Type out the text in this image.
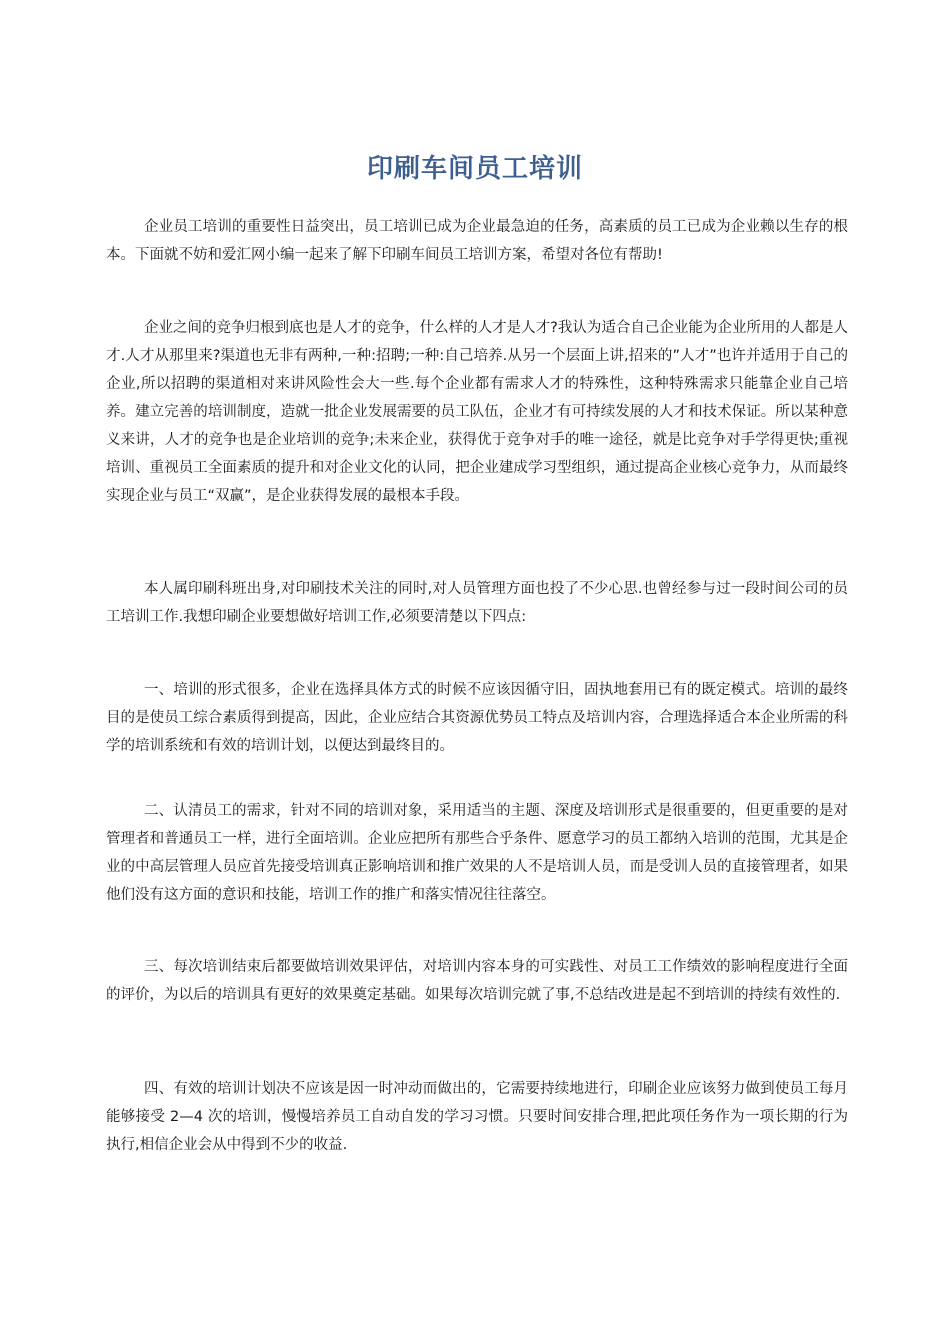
印刷车间员工培训

企业员工培训的重要性日益突出，员工培训已成为企业最急迫的任务，高素质的员工已成为企业赖以生存的根本。下面就不妨和爱汇网小编一起来了解下印刷车间员工培训方案，希望对各位有帮助!

企业之间的竞争归根到底也是人才的竞争，什么样的人才是人才?我认为适合自己企业能为企业所用的人都是人才.人才从那里来?渠道也无非有两种,一种:招聘;一种:自己培养.从另一个层面上讲,招来的”人才”也许并适用于自己的企业,所以招聘的渠道相对来讲风险性会大一些.每个企业都有需求人才的特殊性，这种特殊需求只能靠企业自己培养。建立完善的培训制度，造就一批企业发展需要的员工队伍，企业才有可持续发展的人才和技术保证。所以某种意义来讲，人才的竞争也是企业培训的竞争;未来企业，获得优于竞争对手的唯一途径，就是比竞争对手学得更快;重视培训、重视员工全面素质的提升和对企业文化的认同，把企业建成学习型组织，通过提高企业核心竞争力，从而最终实现企业与员工“双赢”，是企业获得发展的最根本手段。

本人属印刷科班出身,对印刷技术关注的同时,对人员管理方面也投了不少心思.也曾经参与过一段时间公司的员工培训工作.我想印刷企业要想做好培训工作,必须要清楚以下四点:

一、培训的形式很多，企业在选择具体方式的时候不应该因循守旧，固执地套用已有的既定模式。培训的最终目的是使员工综合素质得到提高，因此，企业应结合其资源优势员工特点及培训内容，合理选择适合本企业所需的科学的培训系统和有效的培训计划，以便达到最终目的。

二、认清员工的需求，针对不同的培训对象，采用适当的主题、深度及培训形式是很重要的，但更重要的是对管理者和普通员工一样，进行全面培训。企业应把所有那些合乎条件、愿意学习的员工都纳入培训的范围，尤其是企业的中高层管理人员应首先接受培训真正影响培训和推广效果的人不是培训人员，而是受训人员的直接管理者，如果他们没有这方面的意识和技能，培训工作的推广和落实情况往往落空。

三、每次培训结束后都要做培训效果评估，对培训内容本身的可实践性、对员工工作绩效的影响程度进行全面的评价，为以后的培训具有更好的效果奠定基础。如果每次培训完就了事,不总结改进是起不到培训的持续有效性的.

四、有效的培训计划决不应该是因一时冲动而做出的，它需要持续地进行，印刷企业应该努力做到使员工每月能够接受 2—4 次的培训，慢慢培养员工自动自发的学习习惯。只要时间安排合理,把此项任务作为一项长期的行为执行,相信企业会从中得到不少的收益.
